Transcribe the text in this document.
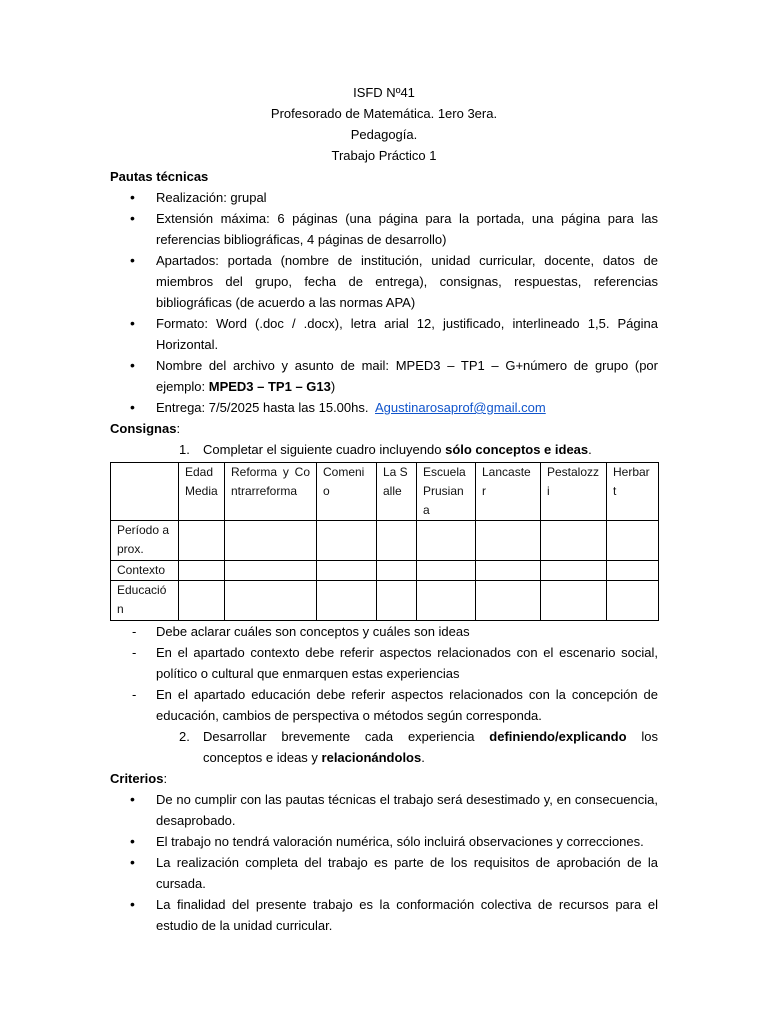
ISFD Nº41
Profesorado de Matemática. 1ero 3era.
Pedagogía.
Trabajo Práctico 1
Pautas técnicas
• Realización: grupal
• Extensión máxima: 6 páginas (una página para la portada, una página para las referencias bibliográficas, 4 páginas de desarrollo)
• Apartados: portada (nombre de institución, unidad curricular, docente, datos de miembros del grupo, fecha de entrega), consignas, respuestas, referencias bibliográficas (de acuerdo a las normas APA)
• Formato: Word (.doc / .docx), letra arial 12, justificado, interlineado 1,5. Página Horizontal.
• Nombre del archivo y asunto de mail: MPED3 – TP1 – G+número de grupo (por ejemplo: MPED3 – TP1 – G13)
• Entrega: 7/5/2025 hasta las 15.00hs. Agustinarosaprof@gmail.com
Consignas:
1. Completar el siguiente cuadro incluyendo sólo conceptos e ideas.
	Edad Media	Reforma y Contrarreforma	Comenio	La Salle	Escuela Prusiana	Lancaster	Pestalozzi	Herbart
Período aprox.								
Contexto								
Educación								
- Debe aclarar cuáles son conceptos y cuáles son ideas
- En el apartado contexto debe referir aspectos relacionados con el escenario social, político o cultural que enmarquen estas experiencias
- En el apartado educación debe referir aspectos relacionados con la concepción de educación, cambios de perspectiva o métodos según corresponda.
2. Desarrollar brevemente cada experiencia definiendo/explicando los conceptos e ideas y relacionándolos.
Criterios:
• De no cumplir con las pautas técnicas el trabajo será desestimado y, en consecuencia, desaprobado.
• El trabajo no tendrá valoración numérica, sólo incluirá observaciones y correcciones.
• La realización completa del trabajo es parte de los requisitos de aprobación de la cursada.
• La finalidad del presente trabajo es la conformación colectiva de recursos para el estudio de la unidad curricular.
